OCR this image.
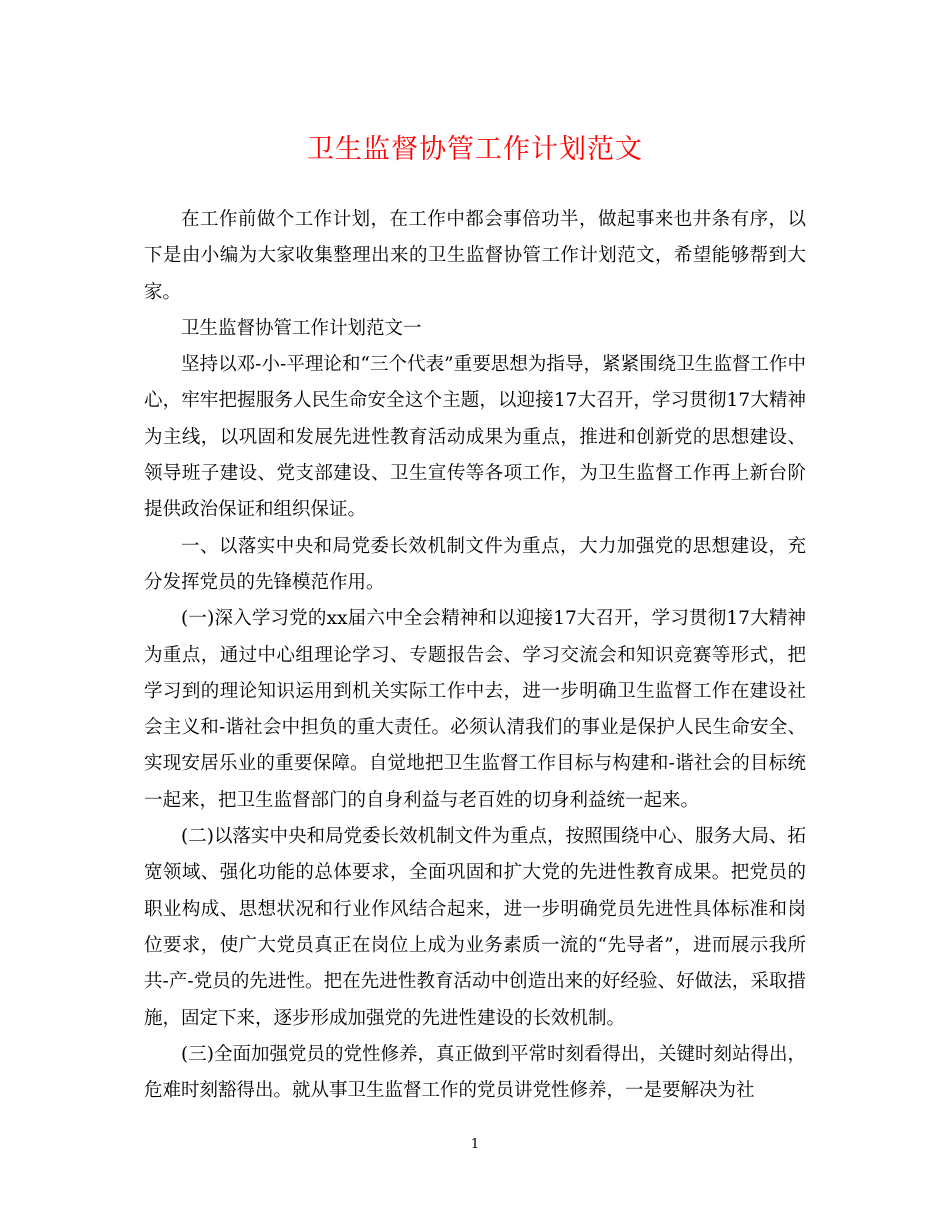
卫生监督协管工作计划范文

在工作前做个工作计划，在工作中都会事倍功半，做起事来也井条有序，以下是由小编为大家收集整理出来的卫生监督协管工作计划范文，希望能够帮到大家。

卫生监督协管工作计划范文一

坚持以邓-小-平理论和“三个代表”重要思想为指导，紧紧围绕卫生监督工作中心，牢牢把握服务人民生命安全这个主题，以迎接17大召开，学习贯彻17大精神为主线，以巩固和发展先进性教育活动成果为重点，推进和创新党的思想建设、领导班子建设、党支部建设、卫生宣传等各项工作，为卫生监督工作再上新台阶提供政治保证和组织保证。

一、以落实中央和局党委长效机制文件为重点，大力加强党的思想建设，充分发挥党员的先锋模范作用。

(一)深入学习党的xx届六中全会精神和以迎接17大召开，学习贯彻17大精神为重点，通过中心组理论学习、专题报告会、学习交流会和知识竞赛等形式，把学习到的理论知识运用到机关实际工作中去，进一步明确卫生监督工作在建设社会主义和-谐社会中担负的重大责任。必须认清我们的事业是保护人民生命安全、实现安居乐业的重要保障。自觉地把卫生监督工作目标与构建和-谐社会的目标统一起来，把卫生监督部门的自身利益与老百姓的切身利益统一起来。

(二)以落实中央和局党委长效机制文件为重点，按照围绕中心、服务大局、拓宽领域、强化功能的总体要求，全面巩固和扩大党的先进性教育成果。把党员的职业构成、思想状况和行业作风结合起来，进一步明确党员先进性具体标准和岗位要求，使广大党员真正在岗位上成为业务素质一流的“先导者”，进而展示我所共-产-党员的先进性。把在先进性教育活动中创造出来的好经验、好做法，采取措施，固定下来，逐步形成加强党的先进性建设的长效机制。

(三)全面加强党员的党性修养，真正做到平常时刻看得出，关键时刻站得出，危难时刻豁得出。就从事卫生监督工作的党员讲党性修养，一是要解决为社

1
